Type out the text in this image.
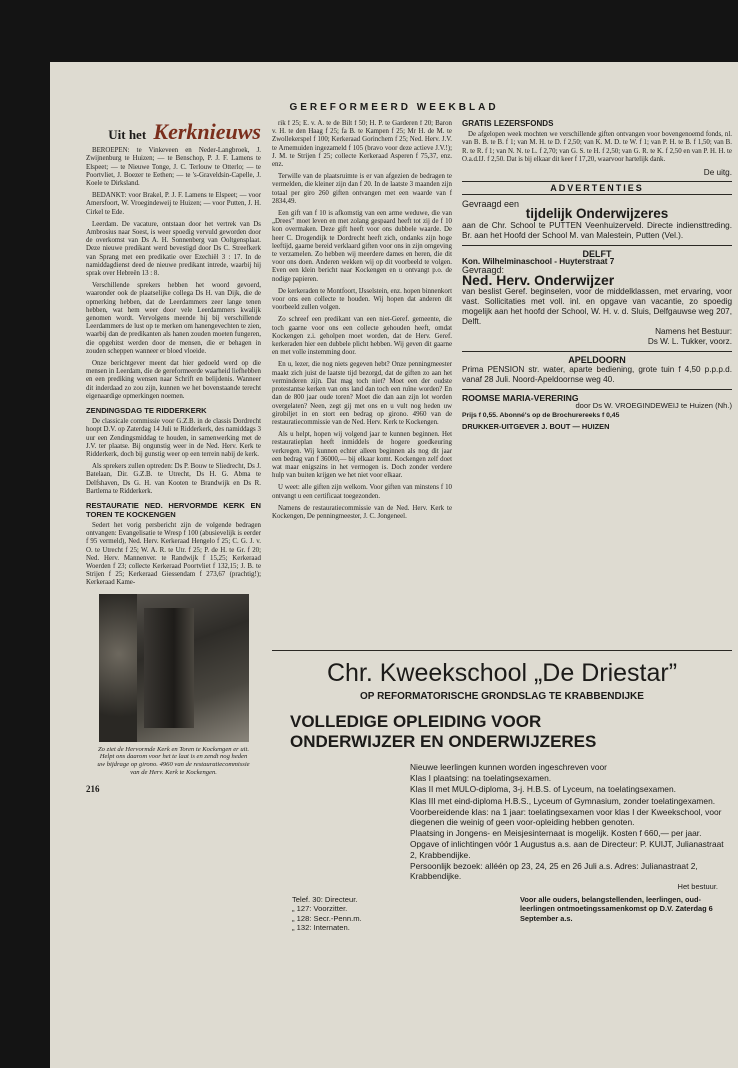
GEREFORMEERD WEEKBLAD
Uit het Kerknieuws

BEROEPEN: te Vinkeveen en Neder-Langbroek, J. Zwijnenburg te Huizen; — te Benschop, P. J. F. Lamens te Elspeet; — te Nieuwe Tonge, J. C. Terlouw te Otterlo; — te Poortvliet, J. Boezer te Eethen; — te 's-Graveldsin-Capelle, J. Koele te Dirksland.

BEDANKT: voor Brakel, P. J. F. Lamens te Elspeet; — voor Amersfoort, W. Vroegindeweij te Huizen; — voor Putten, J. H. Cirkel te Ede.

Leerdam. De vacature, ontstaan door het vertrek van Ds Ambrosius naar Soest, is weer spoedig vervuld geworden door de overkomst van Ds A. H. Sonnenberg van Ooltgensplaat. Deze nieuwe predikant werd bevestigd door Ds C. Streefkerk van Sprang met een predikatie over Ezechiël 3 : 17. In de namiddagdienst deed de nieuwe predikant intrede, waarbij hij sprak over Hebreën 13 : 8.

Verschillende sprekers hebben het woord gevoerd, waaronder ook de plaatselijke collega Ds H. van Dijk, die de opmerking hebben, dat de Leerdammers zeer lange tenen hebben, wat hem weer door vele Leerdammers kwalijk genomen wordt. Vervolgens meende hij bij verschillende Leerdammers de lust op te merken om hanengevechten te zien, waarbij dan de predikanten als hanen zouden moeten fungeren, die opgehitst werden door de mensen, die er behagen in zouden scheppen wanneer er bloed vloeide.

Onze berichtgever meent dat hier gedoeld werd op die mensen in Leerdam, die de gereformeerde waarheid liefhebben en een prediking wensen naar Schrift en belijdenis. Wanneer dit inderdaad zo zou zijn, kunnen we het bovenstaande terecht eigenaardige opmerkingen noemen.

ZENDINGSDAG TE RIDDERKERK

De classicale commissie voor G.Z.B. in de classis Dordrecht hoopt D.V. op Zaterdag 14 Juli te Ridderkerk, des namiddags 3 uur een Zendingsmiddag te houden, in samenwerking met de J.V. ter plaatse. Bij ongunstig weer in de Ned. Herv. Kerk te Ridderkerk, doch bij gunstig weer op een terrein nabij de kerk.

Als sprekers zullen optreden: Ds P. Bouw te Sliedrecht, Ds J. Batelaan, Dir. G.Z.B. te Utrecht, Ds H. G. Abma te Delfshaven, Ds G. H. van Kooten te Brandwijk en Ds R. Bartlema te Ridderkerk.

RESTAURATIE NED. HERVORMDE KERK EN TOREN TE KOCKENGEN

Sedert het vorig persbericht zijn de volgende bedragen ontvangen: Evangelisatie te Wresp f 100 (abusievelijk is eerder f 95 vermeld), Ned. Herv. Kerkeraad Hengelo f 25; C. G. J. v. O. te Utrecht f 25; W. A. R. te Utr. f 25; P. de H. te Gr. f 20; Ned. Herv. Mannenver. te Randwijk f 15,25; Kerkeraad Woerden f 23; collecte Kerkeraad Poortvliet f 132,15; J. B. te Strijen f 25; Kerkeraad Giessendam f 273,67 (prachtig!); Kerkeraad Kame-

Zo ziet de Hervormde Kerk en Toren te Kockengen er uit. Helpt ons daarom voor het te laat is en zendt nog heden uw bijdrage op girono. 4960 van de restauratiecommissie van de Herv. Kerk te Kockengen.
216

rik f 25; E. v. A. te de Bilt f 50; H. P. te Garderen f 20; Baron v. H. te den Haag f 25; fa B. te Kampen f 25; Mr H. de M. te Zwollekerspel f 100; Kerkeraad Gorinchem f 25; Ned. Herv. J.V. te Arnemuiden ingezameld f 105 (bravo voor deze actieve J.V.!); J. M. te Strijen f 25; collecte Kerkeraad Asperen f 75,37, enz. enz.

Terwille van de plaatsruimte is er van afgezien de bedragen te vermelden, die kleiner zijn dan f 20. In de laatste 3 maanden zijn totaal per giro 260 giften ontvangen met een waarde van f 2834,49.

Een gift van f 10 is afkomstig van een arme weduwe, die van „Drees” moet leven en met zolang gespaard heeft tot zij de f 10 kon overmaken. Deze gift heeft voor ons dubbele waarde. De heer C. Drogendijk te Dordrecht heeft zich, ondanks zijn hoge leeftijd, gaarne bereid verklaard giften voor ons in zijn omgeving te verzamelen. Zo hebben wij meerdere dames en heren, die dit voor ons doen. Anderen wekken wij op dit voorbeeld te volgen. Even een klein bericht naar Kockengen en u ontvangt p.o. de nodige papieren.

De kerkeraden te Montfoort, IJsselstein, enz. hopen binnenkort voor ons een collecte te houden. Wij hopen dat anderen dit voorbeeld zullen volgen.

Zo schreef een predikant van een niet-Geref. gemeente, die toch gaarne voor ons een collecte gehouden heeft, omdat Kockengen z.i. geholpen moet worden, dat de Herv. Geref. kerkeraden hier een dubbele plicht hebben. Wij geven dit gaarne en met volle instemming door.

En u, lezer, die nog niets gegeven hebt? Onze penningmeester maakt zich juist de laatste tijd bezorgd, dat de giften zo aan het verminderen zijn. Dat mag toch niet? Moet een der oudste protestantse kerken van ons land dan toch een ruïne worden? En dan de 800 jaar oude toren? Moet die dan aan zijn lot worden overgelaten? Neen, zegt gij met ons en u vult nog heden uw girobiljet in en stort een bedrag op girono. 4960 van de restauratiecommissie van de Ned. Herv. Kerk te Kockengen.

Als u helpt, hopen wij volgend jaar te kunnen beginnen. Het restauratieplan heeft inmiddels de hogere goedkeuring verkregen. Wij kunnen echter alleen beginnen als nog dit jaar een bedrag van f 36000,— bij elkaar komt. Kockengen zelf doet wat maar enigszins in het vermogen is. Doch zonder verdere hulp van buiten krijgen we het niet voor elkaar.

U weet: alle giften zijn welkom. Voor giften van minstens f 10 ontvangt u een certificaat toegezonden.

Namens de restauratiecommissie van de Ned. Herv. Kerk te Kockengen, De penningmeester, J. C. Jongeneel.

GRATIS LEZERSFONDS

De afgelopen week mochten we verschillende giften ontvangen voor bovengenoemd fonds, nl. van B. B. te B. f 1; van M. H. te D. f 2,50; van K. M. D. te W. f 1; van P. H. te B. f 1,50; van B. R. te R. f 1; van N. N. te L. f 2,70; van G. S. te H. f 2,50; van G. R. te K. f 2,50 en van P. H. H. te O.a.d.IJ. f 2,50. Dat is bij elkaar dit keer f 17,20, waarvoor hartelijk dank.

De uitg.
ADVERTENTIES
Gevraagd een
tijdelijk Onderwijzeres
aan de Chr. School te PUTTEN Veenhuizerveld. Directe indiensttreding. Br. aan het Hoofd der School M. van Malestein, Putten (Vel.).
DELFT
Kon. Wilhelminaschool - Huyterstraat 7
Gevraagd:
Ned. Herv. Onderwijzer
van beslist Geref. beginselen, voor de middelklassen, met ervaring, voor vast. Sollicitaties met voll. inl. en opgave van vacantie, zo spoedig mogelijk aan het hoofd der School, W. H. v. d. Sluis, Delfgauwse weg 207, Delft.
Namens het Bestuur:
Ds W. L. Tukker, voorz.
APELDOORN
Prima PENSION str. water, aparte bediening, grote tuin f 4,50 p.p.p.d. vanaf 28 Juli. Noord-Apeldoornse weg 40.
ROOMSE MARIA-VERERING
door Ds W. VROEGINDEWEIJ te Huizen (Nh.)
Prijs f 0,55. Abonné's op de Brochurereeks f 0,45
DRUKKER-UITGEVER J. BOUT — HUIZEN
Chr. Kweekschool „De Driestar”
OP REFORMATORISCHE GRONDSLAG TE KRABBENDIJKE
VOLLEDIGE OPLEIDING VOOR
ONDERWIJZER EN ONDERWIJZERES
Nieuwe leerlingen kunnen worden ingeschreven voor
Klas I plaatsing: na toelatingsexamen.
Klas II met MULO-diploma, 3-j. H.B.S. of Lyceum, na toelatingsexamen.
Klas III met eind-diploma H.B.S., Lyceum of Gymnasium, zonder toelatingexamen.
Voorbereidende klas: na 1 jaar: toelatingsexamen voor klas I der Kweekschool, voor diegenen die weinig of geen voor-opleiding hebben genoten.
Plaatsing in Jongens- en Meisjesinternaat is mogelijk. Kosten f 660,— per jaar.
Opgave of inlichtingen vóór 1 Augustus a.s. aan de Directeur: P. KUIJT, Julianastraat 2, Krabbendijke.
Persoonlijk bezoek: alléén op 23, 24, 25 en 26 Juli a.s. Adres: Julianastraat 2, Krabbendijke.
Het bestuur.
Telef. 30: Directeur.
„ 127: Voorzitter.
„ 128: Secr.-Penn.m.
„ 132: Internaten.
Voor alle ouders, belangstellenden, leerlingen, oud-leerlingen ontmoetingssamenkomst op D.V. Zaterdag 6 September a.s.
